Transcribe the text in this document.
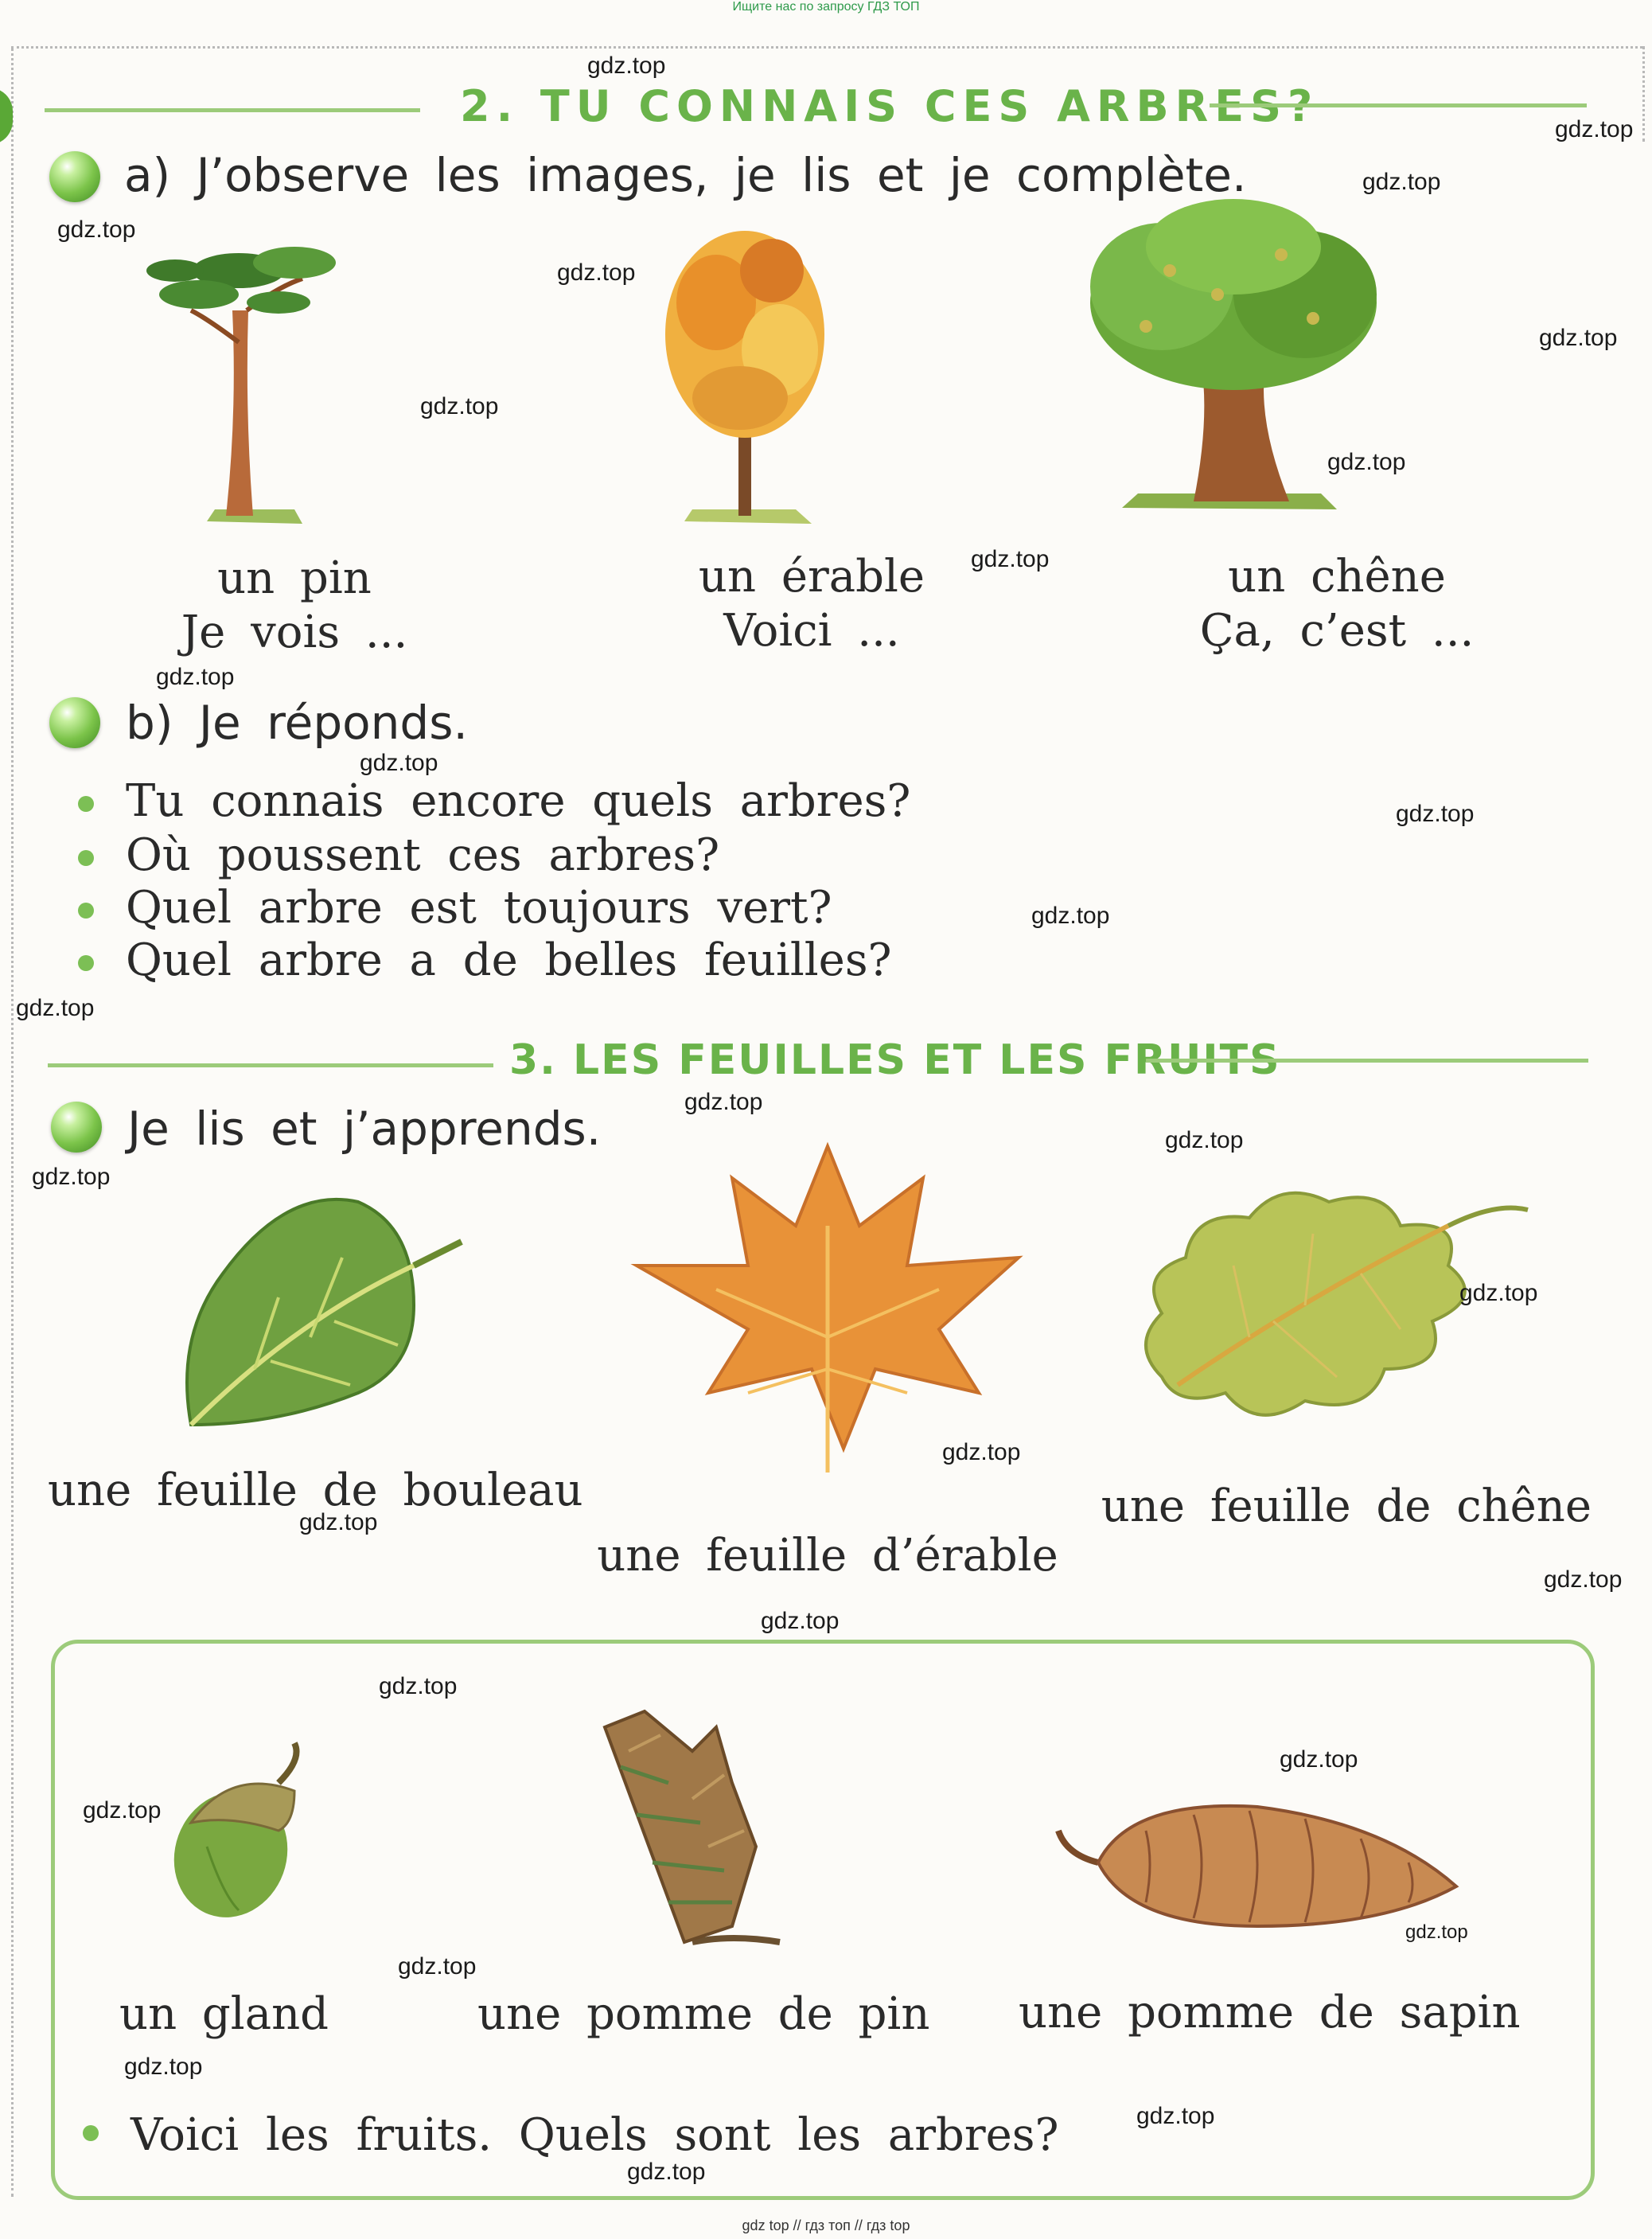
Ищите нас по запросу ГДЗ ТОП
2. TU CONNAIS CES ARBRES?
a) J’observe les images, je lis et je complète.
un pin
Je vois ...
un érable
Voici ...
un chêne
Ça, c’est ...
b) Je réponds.
Tu connais encore quels arbres?
Où poussent ces arbres?
Quel arbre est toujours vert?
Quel arbre a de belles feuilles?
3. LES FEUILLES ET LES FRUITS
Je lis et j’apprends.
une feuille de bouleau
une feuille d’érable
une feuille de chêne
un gland	une pomme de pin une pomme de sapin
Voici les fruits. Quels sont les arbres?
gdz.top
gdz.top
gdz.top
gdz.top
gdz.top
gdz.top
gdz.top
gdz.top
gdz.top
gdz.top
gdz.top
gdz.top
gdz.top
gdz.top
gdz.top
gdz.top
gdz.top
gdz.top
gdz.top
gdz.top
gdz.top
gdz.top
gdz.top
gdz.top
gdz.top
gdz.top
gdz.top
gdz.top
gdz.top
gdz.top
gdz top // гдз топ // гдз top
